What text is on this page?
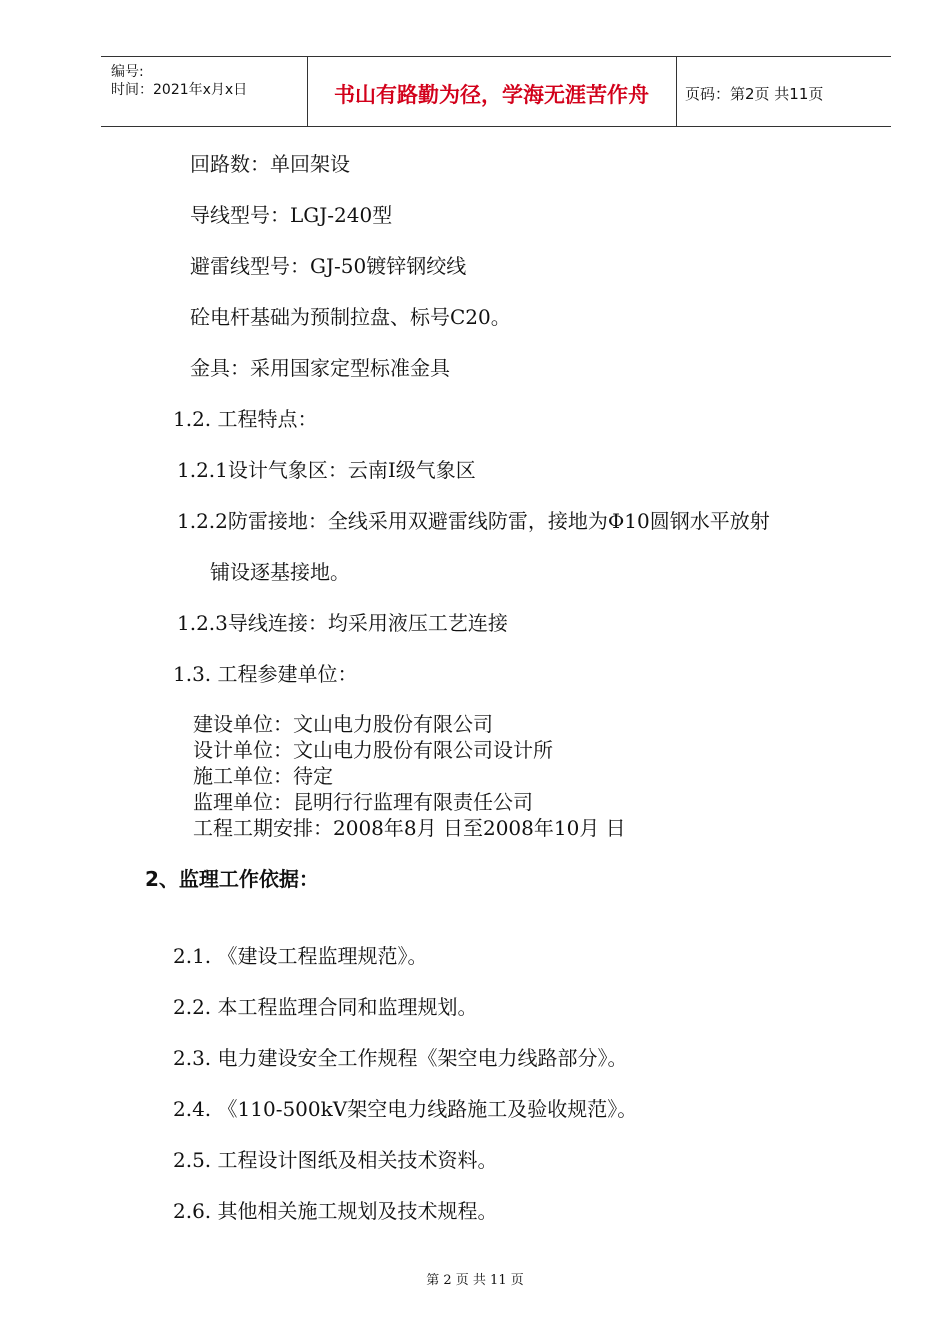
编号:
时间：2021年x月x日	书山有路勤为径，学海无涯苦作舟	页码：第2页 共11页
回路数：单回架设
导线型号：LGJ-240型
避雷线型号：GJ-50镀锌钢绞线
砼电杆基础为预制拉盘、标号C20。
金具：采用国家定型标准金具
1.2. 工程特点：
1.2.1设计气象区：云南Ⅰ级气象区
1.2.2防雷接地：全线采用双避雷线防雷，接地为Φ10圆钢水平放射
铺设逐基接地。
1.2.3导线连接：均采用液压工艺连接
1.3. 工程参建单位：
建设单位：文山电力股份有限公司
设计单位：文山电力股份有限公司设计所
施工单位：待定
监理单位：昆明行行监理有限责任公司
工程工期安排：2008年8月 日至2008年10月 日
2、监理工作依据：
2.1. 《建设工程监理规范》。
2.2. 本工程监理合同和监理规划。
2.3. 电力建设安全工作规程《架空电力线路部分》。
2.4. 《110-500kV架空电力线路施工及验收规范》。
2.5. 工程设计图纸及相关技术资料。
2.6. 其他相关施工规划及技术规程。
第 2 页 共 11 页
